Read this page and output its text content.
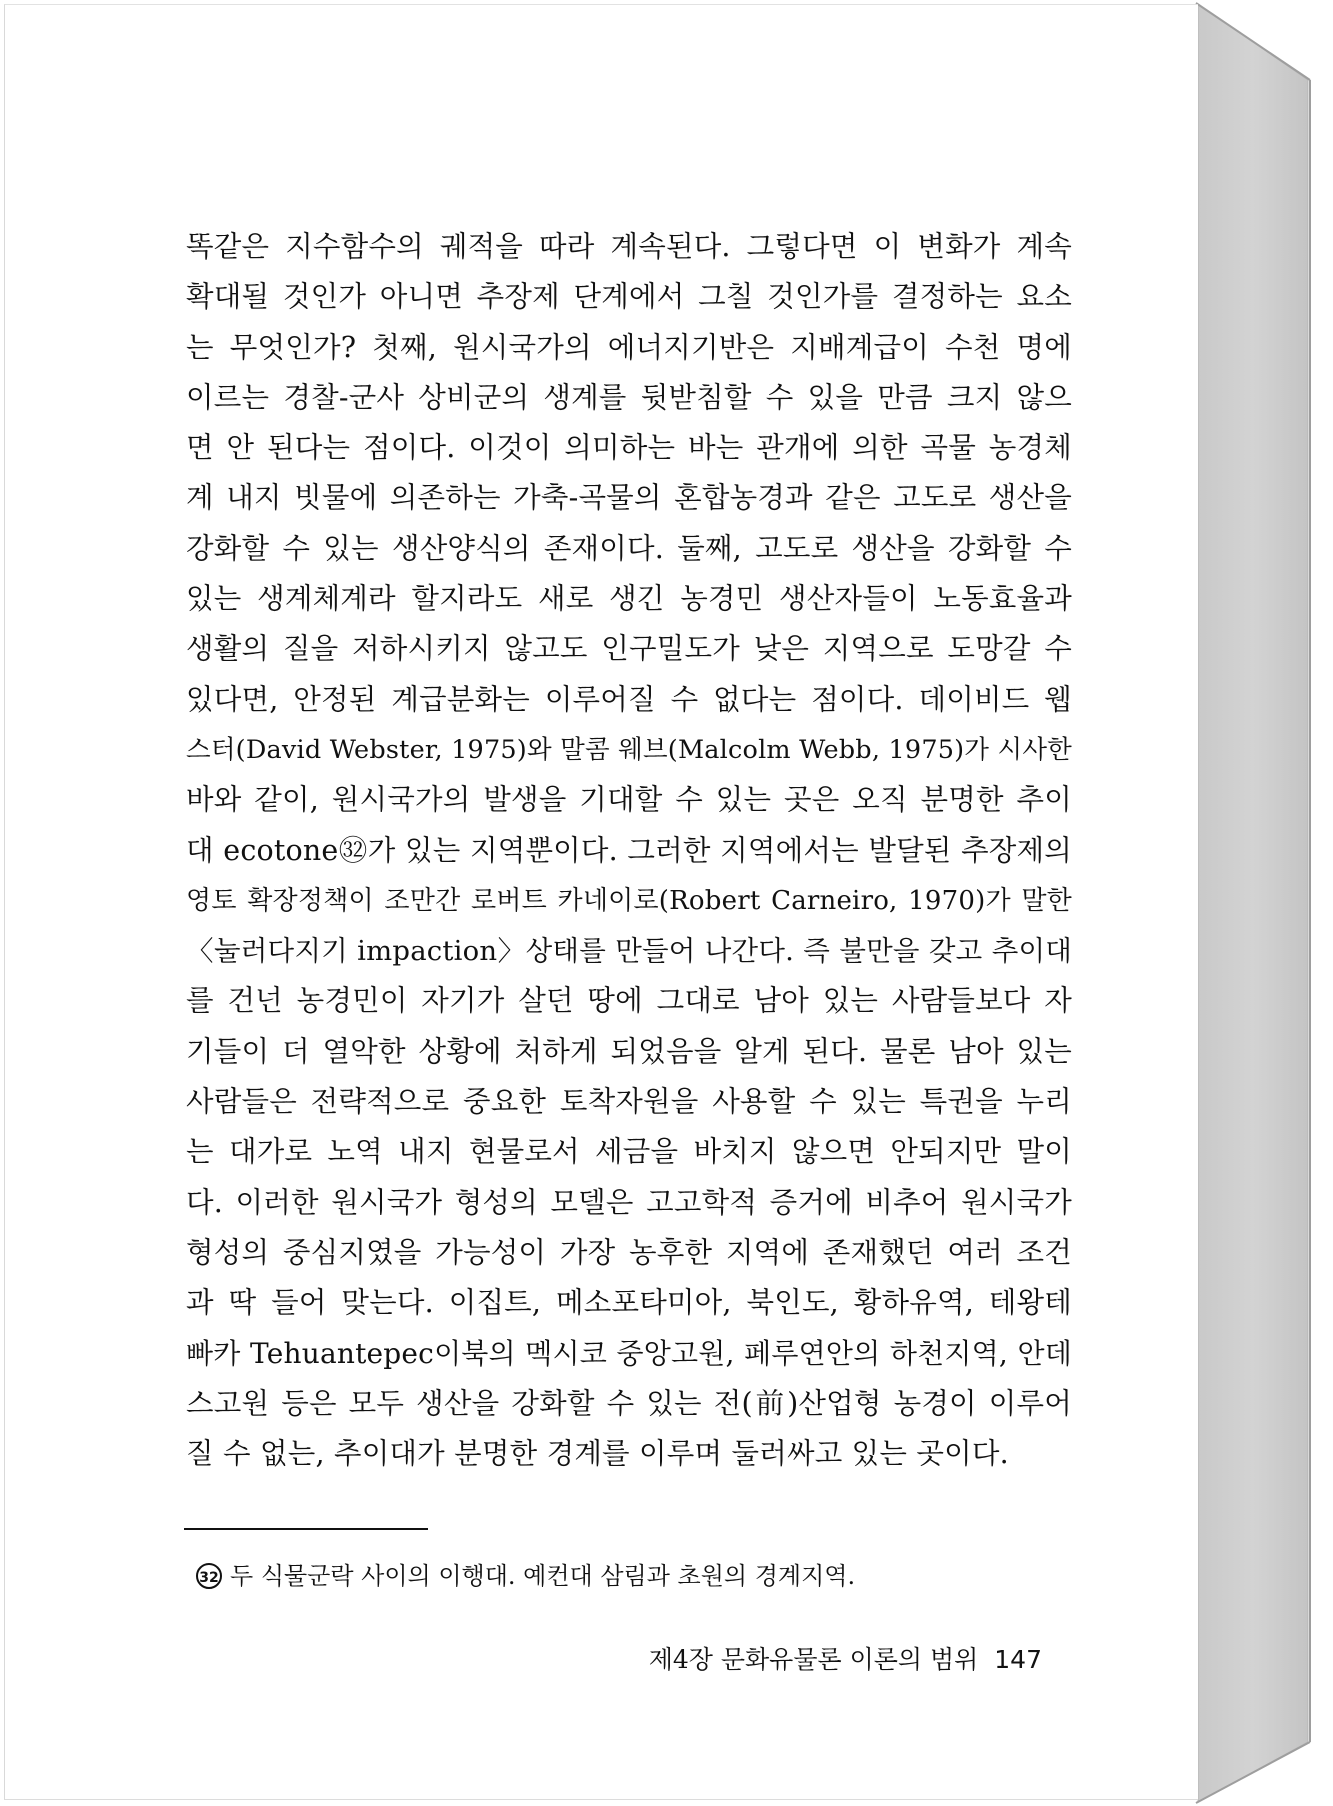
똑같은 지수함수의 궤적을 따라 계속된다. 그렇다면 이 변화가 계속
확대될 것인가 아니면 추장제 단계에서 그칠 것인가를 결정하는 요소
는 무엇인가? 첫째, 원시국가의 에너지기반은 지배계급이 수천 명에
이르는 경찰-군사 상비군의 생계를 뒷받침할 수 있을 만큼 크지 않으
면 안 된다는 점이다. 이것이 의미하는 바는 관개에 의한 곡물 농경체
계 내지 빗물에 의존하는 가축-곡물의 혼합농경과 같은 고도로 생산을
강화할 수 있는 생산양식의 존재이다. 둘째, 고도로 생산을 강화할 수
있는 생계체계라 할지라도 새로 생긴 농경민 생산자들이 노동효율과
생활의 질을 저하시키지 않고도 인구밀도가 낮은 지역으로 도망갈 수
있다면, 안정된 계급분화는 이루어질 수 없다는 점이다. 데이비드 웹
스터(David Webster, 1975)와 말콤 웨브(Malcolm Webb, 1975)가 시사한
바와 같이, 원시국가의 발생을 기대할 수 있는 곳은 오직 분명한 추이
대 ecotone㉜가 있는 지역뿐이다. 그러한 지역에서는 발달된 추장제의
영토 확장정책이 조만간 로버트 카네이로(Robert Carneiro, 1970)가 말한
〈눌러다지기 impaction〉상태를 만들어 나간다. 즉 불만을 갖고 추이대
를 건넌 농경민이 자기가 살던 땅에 그대로 남아 있는 사람들보다 자
기들이 더 열악한 상황에 처하게 되었음을 알게 된다. 물론 남아 있는
사람들은 전략적으로 중요한 토착자원을 사용할 수 있는 특권을 누리
는 대가로 노역 내지 현물로서 세금을 바치지 않으면 안되지만 말이
다. 이러한 원시국가 형성의 모델은 고고학적 증거에 비추어 원시국가
형성의 중심지였을 가능성이 가장 농후한 지역에 존재했던 여러 조건
과 딱 들어 맞는다. 이집트, 메소포타미아, 북인도, 황하유역, 테왕테
빠카 Tehuantepec이북의 멕시코 중앙고원, 페루연안의 하천지역, 안데
스고원 등은 모두 생산을 강화할 수 있는 전(前)산업형 농경이 이루어
질 수 없는, 추이대가 분명한 경계를 이루며 둘러싸고 있는 곳이다.
32 두 식물군락 사이의 이행대. 예컨대 삼림과 초원의 경계지역.
제4장 문화유물론 이론의 범위 147
